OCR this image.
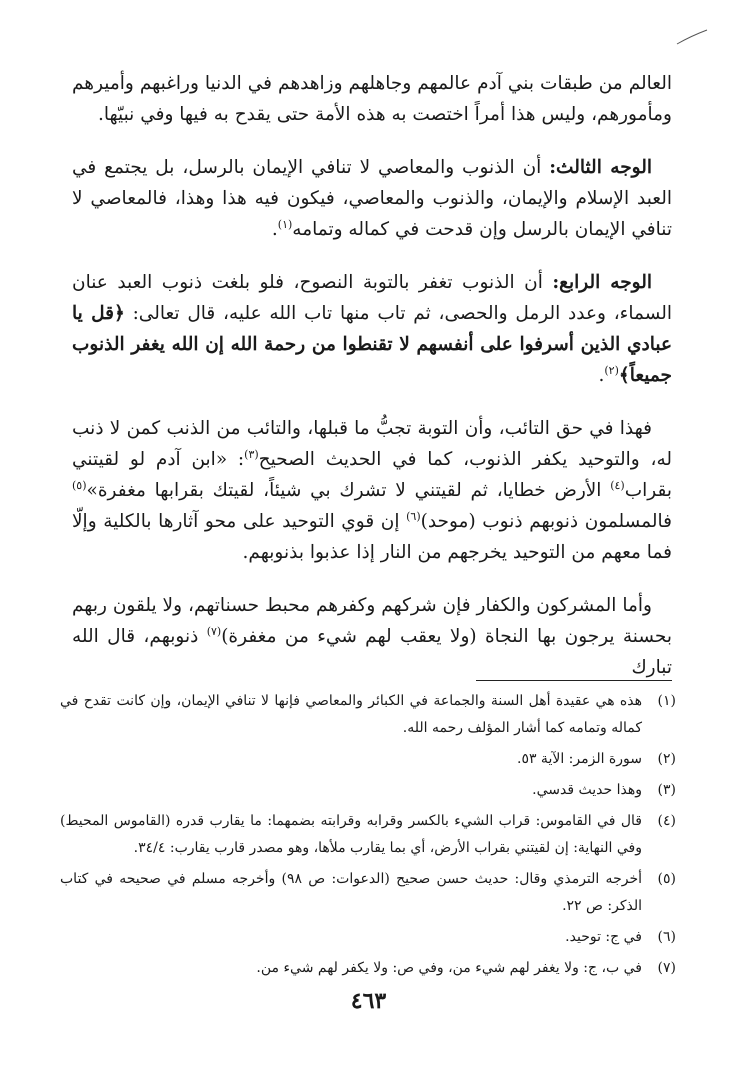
العالم من طبقات بني آدم عالمهم وجاهلهم وزاهدهم في الدنيا وراغبهم وأميرهم ومأمورهم، وليس هذا أمراً اختصت به هذه الأمة حتى يقدح به فيها وفي نبيّها.

الوجه الثالث: أن الذنوب والمعاصي لا تنافي الإيمان بالرسل، بل يجتمع في العبد الإسلام والإيمان، والذنوب والمعاصي، فيكون فيه هذا وهذا، فالمعاصي لا تنافي الإيمان بالرسل وإن قدحت في كماله وتمامه$^{(١)}$.

الوجه الرابع: أن الذنوب تغفر بالتوبة النصوح، فلو بلغت ذنوب العبد عنان السماء، وعدد الرمل والحصى، ثم تاب منها تاب الله عليه، قال تعالى: ﴿قل يا عبادي الذين أسرفوا على أنفسهم لا تقنطوا من رحمة الله إن الله يغفر الذنوب جميعاً﴾$^{(٢)}$.

فهذا في حق التائب، وأن التوبة تجبُّ ما قبلها، والتائب من الذنب كمن لا ذنب له، والتوحيد يكفر الذنوب، كما في الحديث الصحيح$^{(٣)}$: «ابن آدم لو لقيتني بقراب$^{(٤)}$ الأرض خطايا، ثم لقيتني لا تشرك بي شيئاً، لقيتك بقرابها مغفرة»$^{(٥)}$ فالمسلمون ذنوبهم ذنوب (موحد)$^{(٦)}$ إن قوي التوحيد على محو آثارها بالكلية وإلّا فما معهم من التوحيد يخرجهم من النار إذا عذبوا بذنوبهم.

وأما المشركون والكفار فإن شركهم وكفرهم محبط حسناتهم، ولا يلقون ربهم بحسنة يرجون بها النجاة (ولا يعقب لهم شيء من مغفرة)$^{(٧)}$ ذنوبهم، قال الله تبارك

(١)
هذه هي عقيدة أهل السنة والجماعة في الكبائر والمعاصي فإنها لا تنافي الإيمان، وإن كانت تقدح في كماله وتمامه كما أشار المؤلف رحمه الله.
(٢)
سورة الزمر: الآية ٥٣.
(٣)
وهذا حديث قدسي.
(٤)
قال في القاموس: قراب الشيء بالكسر وقرابه وقرابته بضمهما: ما يقارب قدره (القاموس المحيط) وفي النهاية: إن لقيتني بقراب الأرض، أي بما يقارب ملأها، وهو مصدر قارب يقارب: ٣٤/٤.
(٥)
أخرجه الترمذي وقال: حديث حسن صحيح (الدعوات: ص ٩٨) وأخرجه مسلم في صحيحه في كتاب الذكر: ص ٢٢.
(٦)
في ج: توحيد.
(٧)
في ب، ج: ولا يغفر لهم شيء من، وفي ص: ولا يكفر لهم شيء من.
٤٦٣
